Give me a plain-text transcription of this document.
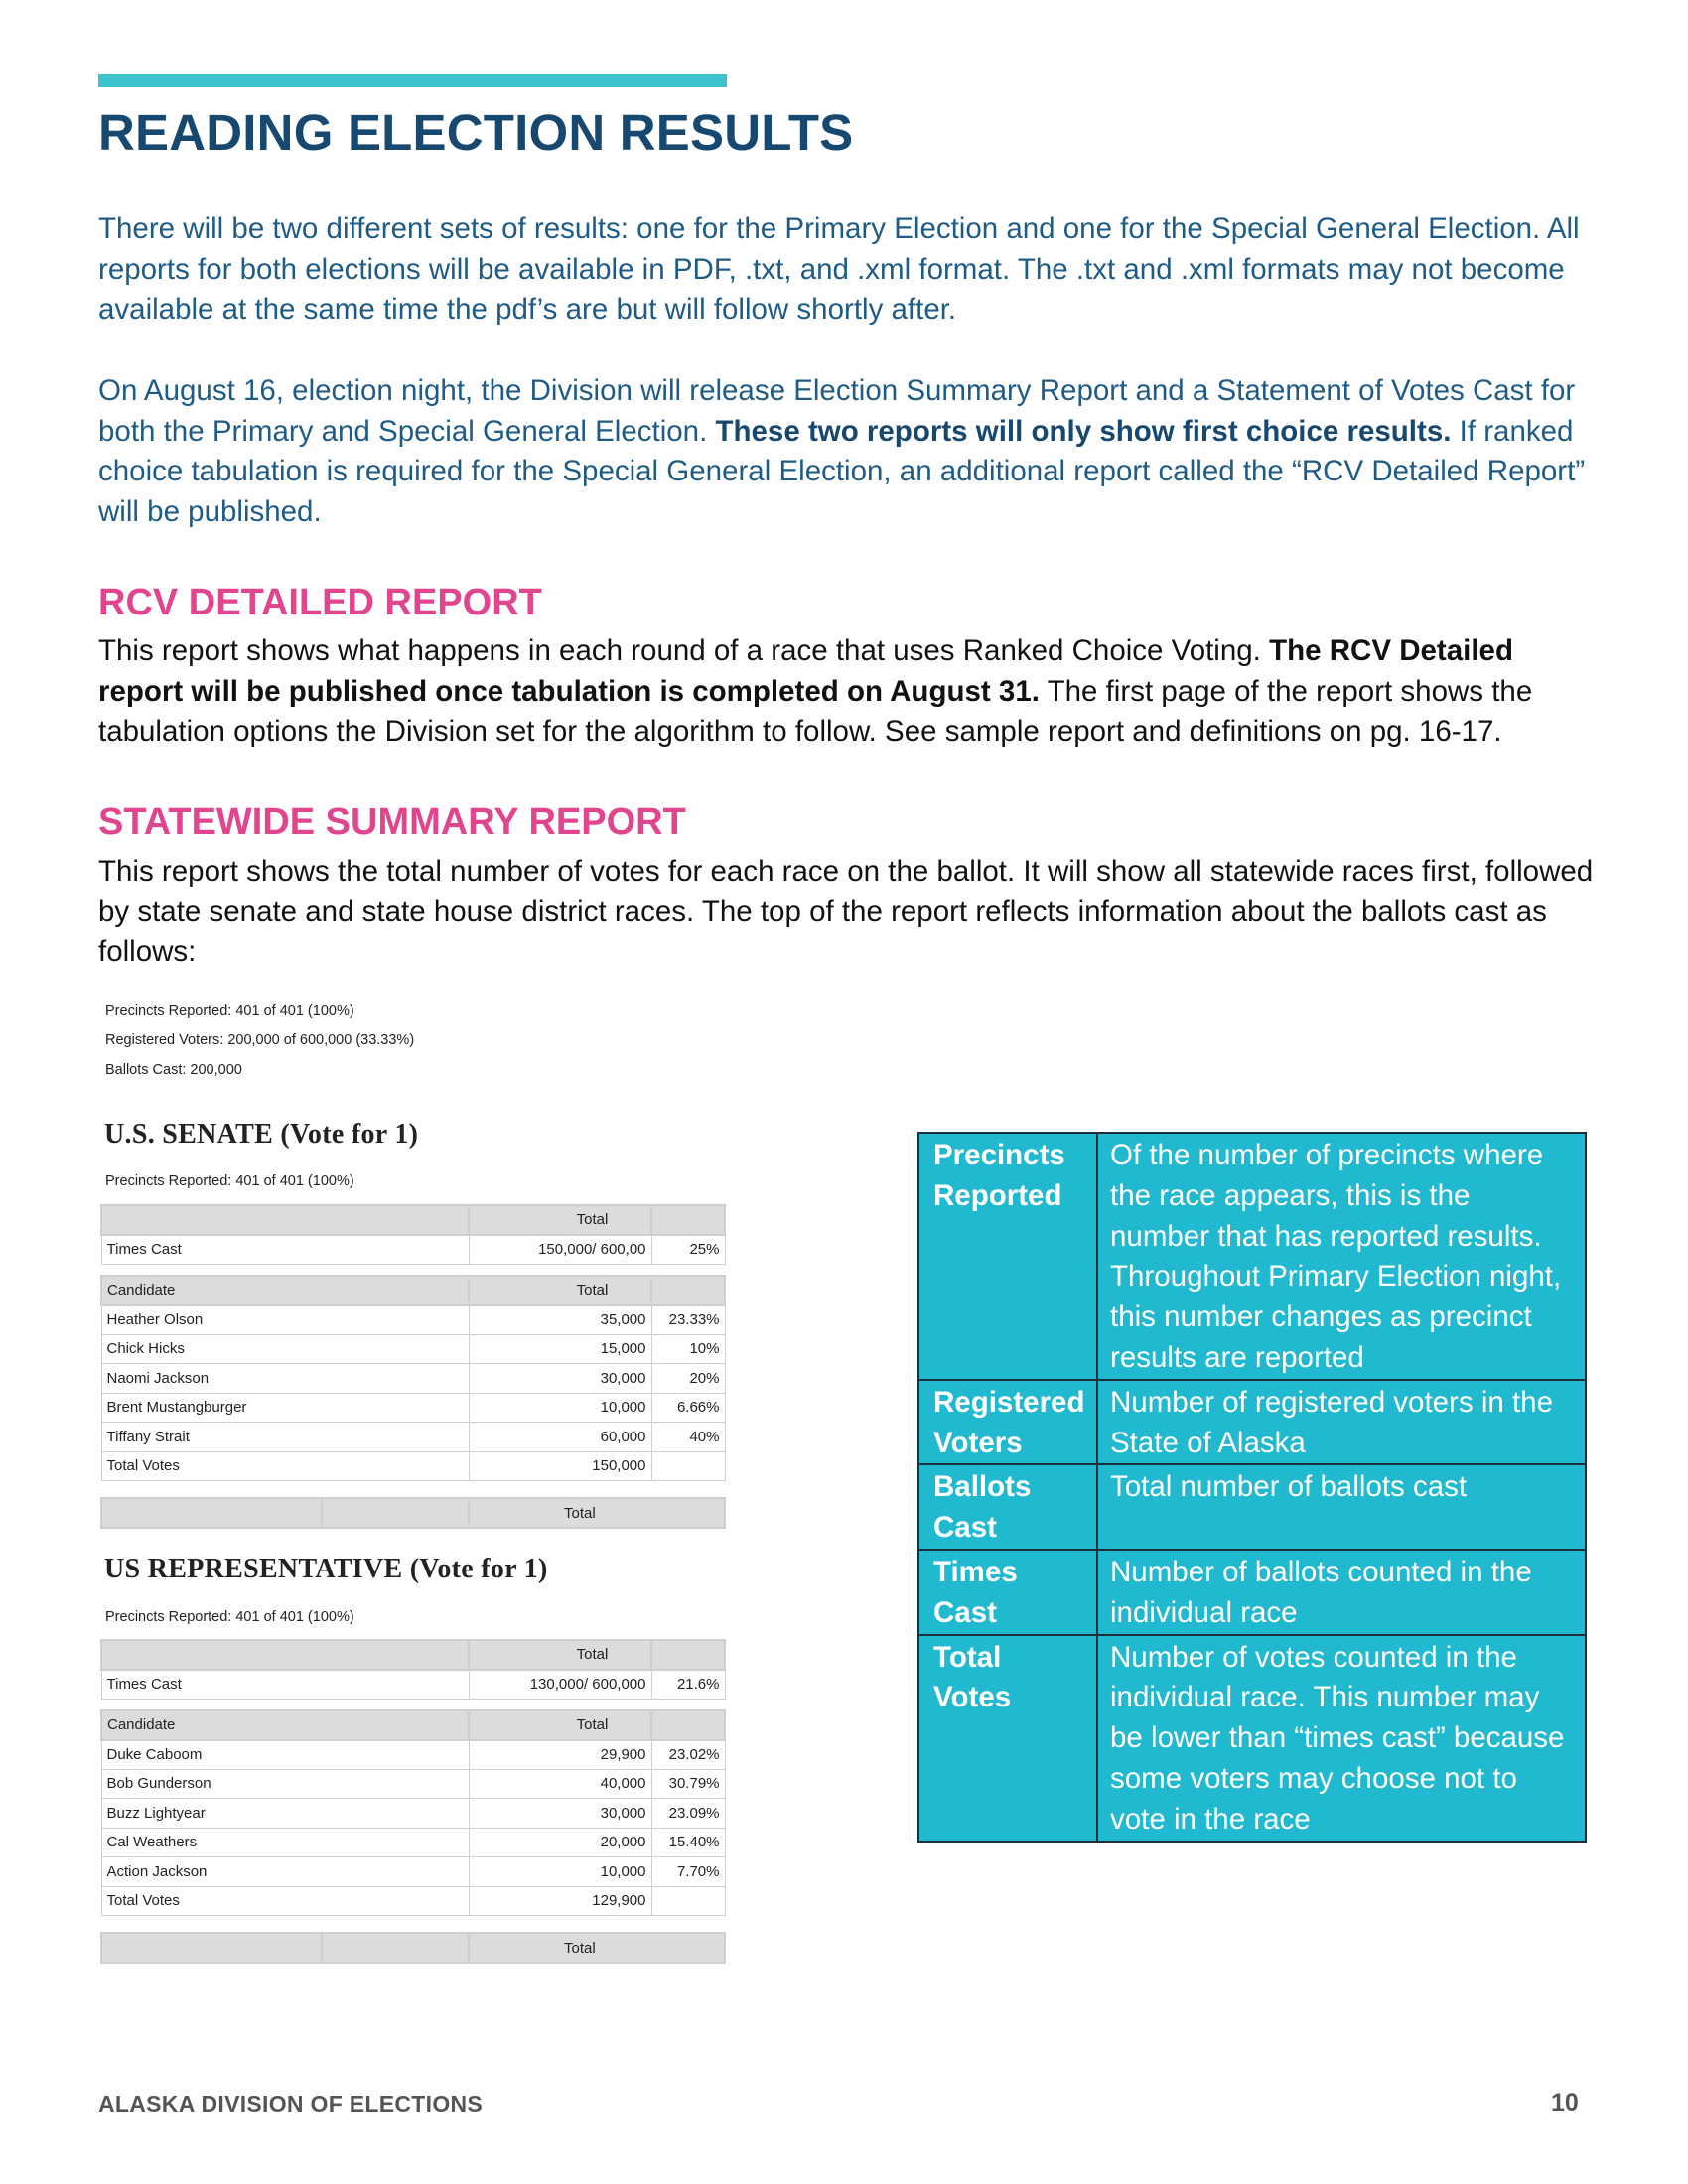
READING ELECTION RESULTS

There will be two different sets of results: one for the Primary Election and one for the Special General Election. All reports for both elections will be available in PDF, .txt, and .xml format. The .txt and .xml formats may not become available at the same time the pdf’s are but will follow shortly after.

On August 16, election night, the Division will release Election Summary Report and a Statement of Votes Cast for both the Primary and Special General Election. These two reports will only show first choice results. If ranked choice tabulation is required for the Special General Election, an additional report called the “RCV Detailed Report” will be published.

RCV DETAILED REPORT

This report shows what happens in each round of a race that uses Ranked Choice Voting. The RCV Detailed report will be published once tabulation is completed on August 31. The first page of the report shows the tabulation options the Division set for the algorithm to follow. See sample report and definitions on pg. 16-17.

STATEWIDE SUMMARY REPORT

This report shows the total number of votes for each race on the ballot. It will show all statewide races first, followed by state senate and state house district races. The top of the report reflects information about the ballots cast as follows:

Precincts Reported: 401 of 401 (100%)
Registered Voters: 200,000 of 600,000 (33.33%)
Ballots Cast: 200,000
U.S. SENATE (Vote for 1)
Precincts Reported: 401 of 401 (100%)
	Total	
Times Cast	150,000/ 600,00	25%

Candidate	Total	
Heather Olson	35,000	23.33%
Chick Hicks	15,000	10%
Naomi Jackson	30,000	20%
Brent Mustangburger	10,000	6.66%
Tiffany Strait	60,000	40%
Total Votes	150,000	
		Total
US REPRESENTATIVE (Vote for 1)
Precincts Reported: 401 of 401 (100%)
	Total	
Times Cast	130,000/ 600,000	21.6%

Candidate	Total	
Duke Caboom	29,900	23.02%
Bob Gunderson	40,000	30.79%
Buzz Lightyear	30,000	23.09%
Cal Weathers	20,000	15.40%
Action Jackson	10,000	7.70%
Total Votes	129,900	
		Total
Precincts Reported	Of the number of precincts where the race appears, this is the number that has reported results. Throughout Primary Election night, this number changes as precinct results are reported
Registered Voters	Number of registered voters in the State of Alaska
Ballots Cast	Total number of ballots cast
Times Cast	Number of ballots counted in the individual race
Total Votes	Number of votes counted in the individual race. This number may be lower than “times cast” because some voters may choose not to vote in the race
ALASKA DIVISION OF ELECTIONS	10
